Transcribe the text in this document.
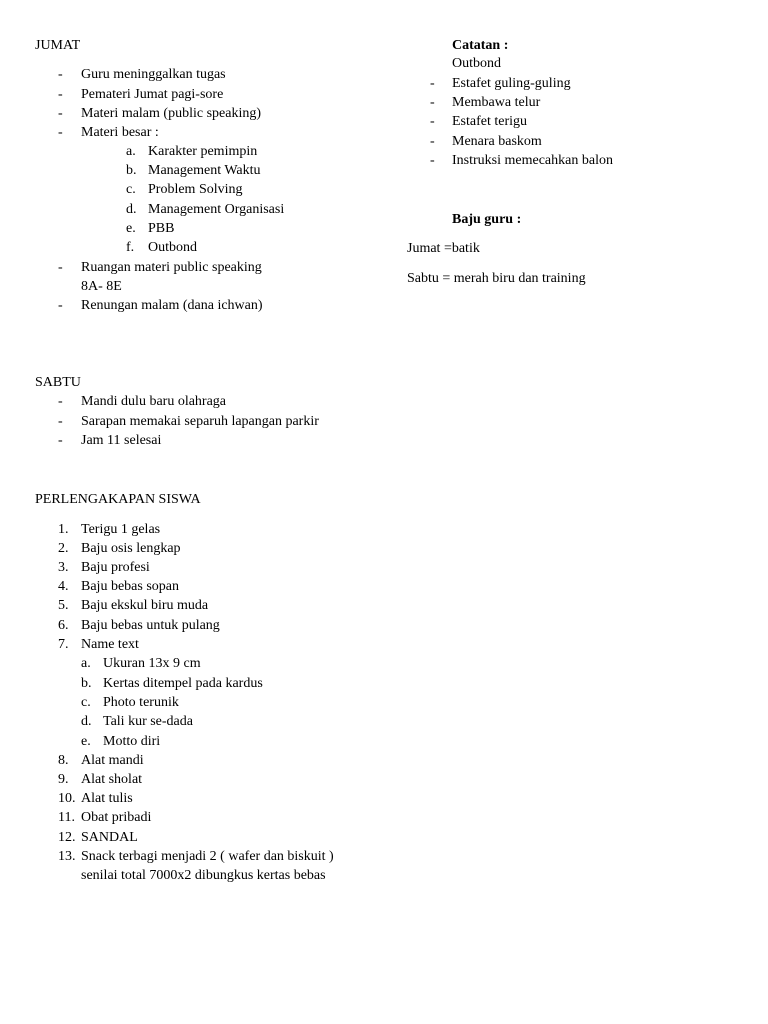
JUMAT
- Guru meninggalkan tugas
- Pemateri Jumat pagi-sore
- Materi malam (public speaking)
- Materi besar :
a. Karakter pemimpin
b. Management Waktu
c. Problem Solving
d. Management Organisasi
e. PBB
f. Outbond
- Ruangan materi public speaking
8A- 8E
- Renungan malam (dana ichwan)
SABTU
- Mandi dulu baru olahraga
- Sarapan memakai separuh lapangan parkir
- Jam 11 selesai
PERLENGAKAPAN SISWA
1. Terigu 1 gelas
2. Baju osis lengkap
3. Baju profesi
4. Baju bebas sopan
5. Baju ekskul biru muda
6. Baju bebas untuk pulang
7. Name text
a. Ukuran 13x 9 cm
b. Kertas ditempel pada kardus
c. Photo terunik
d. Tali kur se-dada
e. Motto diri
8. Alat mandi
9. Alat sholat
10. Alat tulis
11. Obat pribadi
12. SANDAL
13. Snack terbagi menjadi 2 ( wafer dan biskuit )
senilai total 7000x2 dibungkus kertas bebas
Catatan :
Outbond
- Estafet guling-guling
- Membawa telur
- Estafet terigu
- Menara baskom
- Instruksi memecahkan balon
Baju guru :
Jumat =batik
Sabtu = merah biru dan training
